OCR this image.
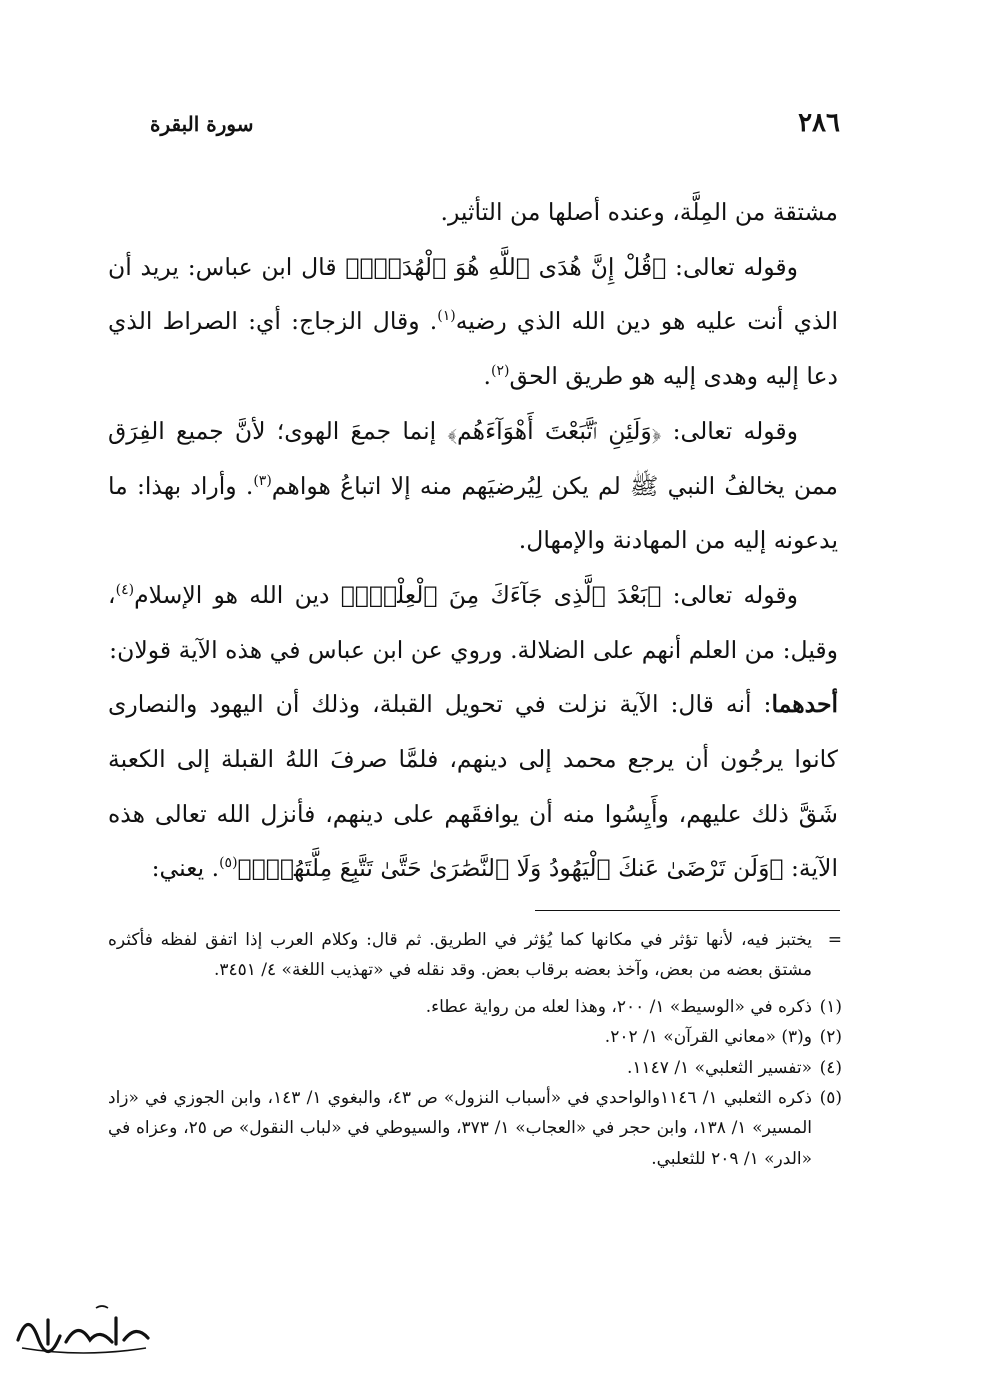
٢٨٦
سورة البقرة

مشتقة من المِلَّة، وعنده أصلها من التأثير.

وقوله تعالى: ﴿قُلْ إِنَّ هُدَى ٱللَّهِ هُوَ ٱلْهُدَىٰۗ﴾ قال ابن عباس: يريد أن الذي أنت عليه هو دين الله الذي رضيه$^{(١)}$. وقال الزجاج: أي: الصراط الذي دعا إليه وهدى إليه هو طريق الحق$^{(٢)}$.

وقوله تعالى: ﴿وَلَئِنِ ٱتَّبَعْتَ أَهْوَآءَهُم﴾ إنما جمعَ الهوى؛ لأنَّ جميع الفِرَق ممن يخالفُ النبي ﷺ لم يكن لِيُرضيَهم منه إلا اتباعُ هواهم$^{(٣)}$. وأراد بهذا: ما يدعونه إليه من المهادنة والإمهال.

وقوله تعالى: ﴿بَعْدَ ٱلَّذِى جَآءَكَ مِنَ ٱلْعِلْمِۙ﴾ دين الله هو الإسلام$^{(٤)}$، وقيل: من العلم أنهم على الضلالة. وروي عن ابن عباس في هذه الآية قولان:

أحدهما: أنه قال: الآية نزلت في تحويل القبلة، وذلك أن اليهود والنصارى كانوا يرجُون أن يرجع محمد إلى دينهم، فلمَّا صرفَ اللهُ القبلة إلى الكعبة شَقَّ ذلك عليهم، وأَيِسُوا منه أن يوافقَهم على دينهم، فأنزل الله تعالى هذه الآية: ﴿وَلَن تَرْضَىٰ عَنكَ ٱلْيَهُودُ وَلَا ٱلنَّصَٰرَىٰ حَتَّىٰ تَتَّبِعَ مِلَّتَهُمْۗ﴾$^{(٥)}$. يعني:

=
يختبز فيه، لأنها تؤثر في مكانها كما يُؤثر في الطريق. ثم قال: وكلام العرب إذا اتفق لفظه فأكثره مشتق بعضه من بعض، وآخذ بعضه برقاب بعض. وقد نقله في «تهذيب اللغة» ٤/ ٣٤٥١.
(١)
ذكره في «الوسيط» ١/ ٢٠٠، وهذا لعله من رواية عطاء.
(٢)
و(٣) «معاني القرآن» ١/ ٢٠٢.
(٤)
«تفسير الثعلبي» ١/ ١١٤٧.
(٥)
ذكره الثعلبي ١/ ١١٤٦والواحدي في «أسباب النزول» ص ٤٣، والبغوي ١/ ١٤٣، وابن الجوزي في «زاد المسير» ١/ ١٣٨، وابن حجر في «العجاب» ١/ ٣٧٣، والسيوطي في «لباب النقول» ص ٢٥، وعزاه في «الدر» ١/ ٢٠٩ للثعلبي.
